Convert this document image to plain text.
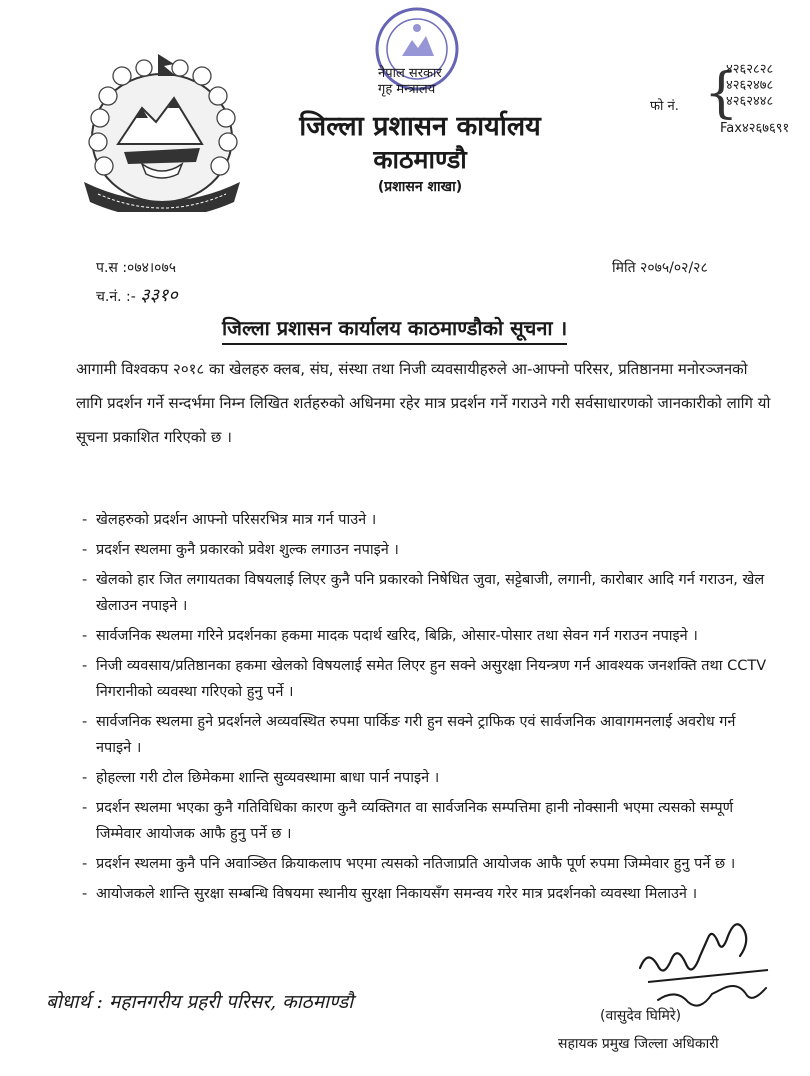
नेपाल सरकार
गृह मन्त्रालय
जिल्ला प्रशासन कार्यालय
काठमाण्डौ
(प्रशासन शाखा)
फो नं. {
४२६२८२८
४२६२४७८
४२६२४४८
Fax४२६७६९१
प.स :०७४।०७५	मिति २०७५/०२/२८
च.नं. :- ३३१०
जिल्ला प्रशासन कार्यालय काठमाण्डौको सूचना ।
आगामी विश्वकप २०१८ का खेलहरु क्लब, संघ, संस्था तथा निजी व्यवसायीहरुले आ-आफ्नो परिसर, प्रतिष्ठानमा मनोरञ्जनको लागि प्रदर्शन गर्ने सन्दर्भमा निम्न लिखित शर्तहरुको अधिनमा रहेर मात्र प्रदर्शन गर्ने गराउने गरी सर्वसाधारणको जानकारीको लागि यो सूचना प्रकाशित गरिएको छ ।
- खेलहरुको प्रदर्शन आफ्नो परिसरभित्र मात्र गर्न पाउने ।
- प्रदर्शन स्थलमा कुनै प्रकारको प्रवेश शुल्क लगाउन नपाइने ।
- खेलको हार जित लगायतका विषयलाई लिएर कुनै पनि प्रकारको निषेधित जुवा, सट्टेबाजी, लगानी, कारोबार आदि गर्न गराउन, खेल खेलाउन नपाइने ।
- सार्वजनिक स्थलमा गरिने प्रदर्शनका हकमा मादक पदार्थ खरिद, बिक्रि, ओसार-पोसार तथा सेवन गर्न गराउन नपाइने ।
- निजी व्यवसाय/प्रतिष्ठानका हकमा खेलको विषयलाई समेत लिएर हुन सक्ने असुरक्षा नियन्त्रण गर्न आवश्यक जनशक्ति तथा CCTV निगरानीको व्यवस्था गरिएको हुनु पर्ने ।
- सार्वजनिक स्थलमा हुने प्रदर्शनले अव्यवस्थित रुपमा पार्किङ गरी हुन सक्ने ट्राफिक एवं सार्वजनिक आवागमनलाई अवरोध गर्न नपाइने ।
- होहल्ला गरी टोल छिमेकमा शान्ति सुव्यवस्थामा बाधा पार्न नपाइने ।
- प्रदर्शन स्थलमा भएका कुनै गतिविधिका कारण कुनै व्यक्तिगत वा सार्वजनिक सम्पत्तिमा हानी नोक्सानी भएमा त्यसको सम्पूर्ण जिम्मेवार आयोजक आफै हुनु पर्ने छ ।
- प्रदर्शन स्थलमा कुनै पनि अवाञ्छित क्रियाकलाप भएमा त्यसको नतिजाप्रति आयोजक आफै पूर्ण रुपमा जिम्मेवार हुनु पर्ने छ ।
- आयोजकले शान्ति सुरक्षा सम्बन्धि विषयमा स्थानीय सुरक्षा निकायसँग समन्वय गरेर मात्र प्रदर्शनको व्यवस्था मिलाउने ।
बोधार्थ : महानगरीय प्रहरी परिसर, काठमाण्डौ
(वासुदेव घिमिरे)
सहायक प्रमुख जिल्ला अधिकारी
